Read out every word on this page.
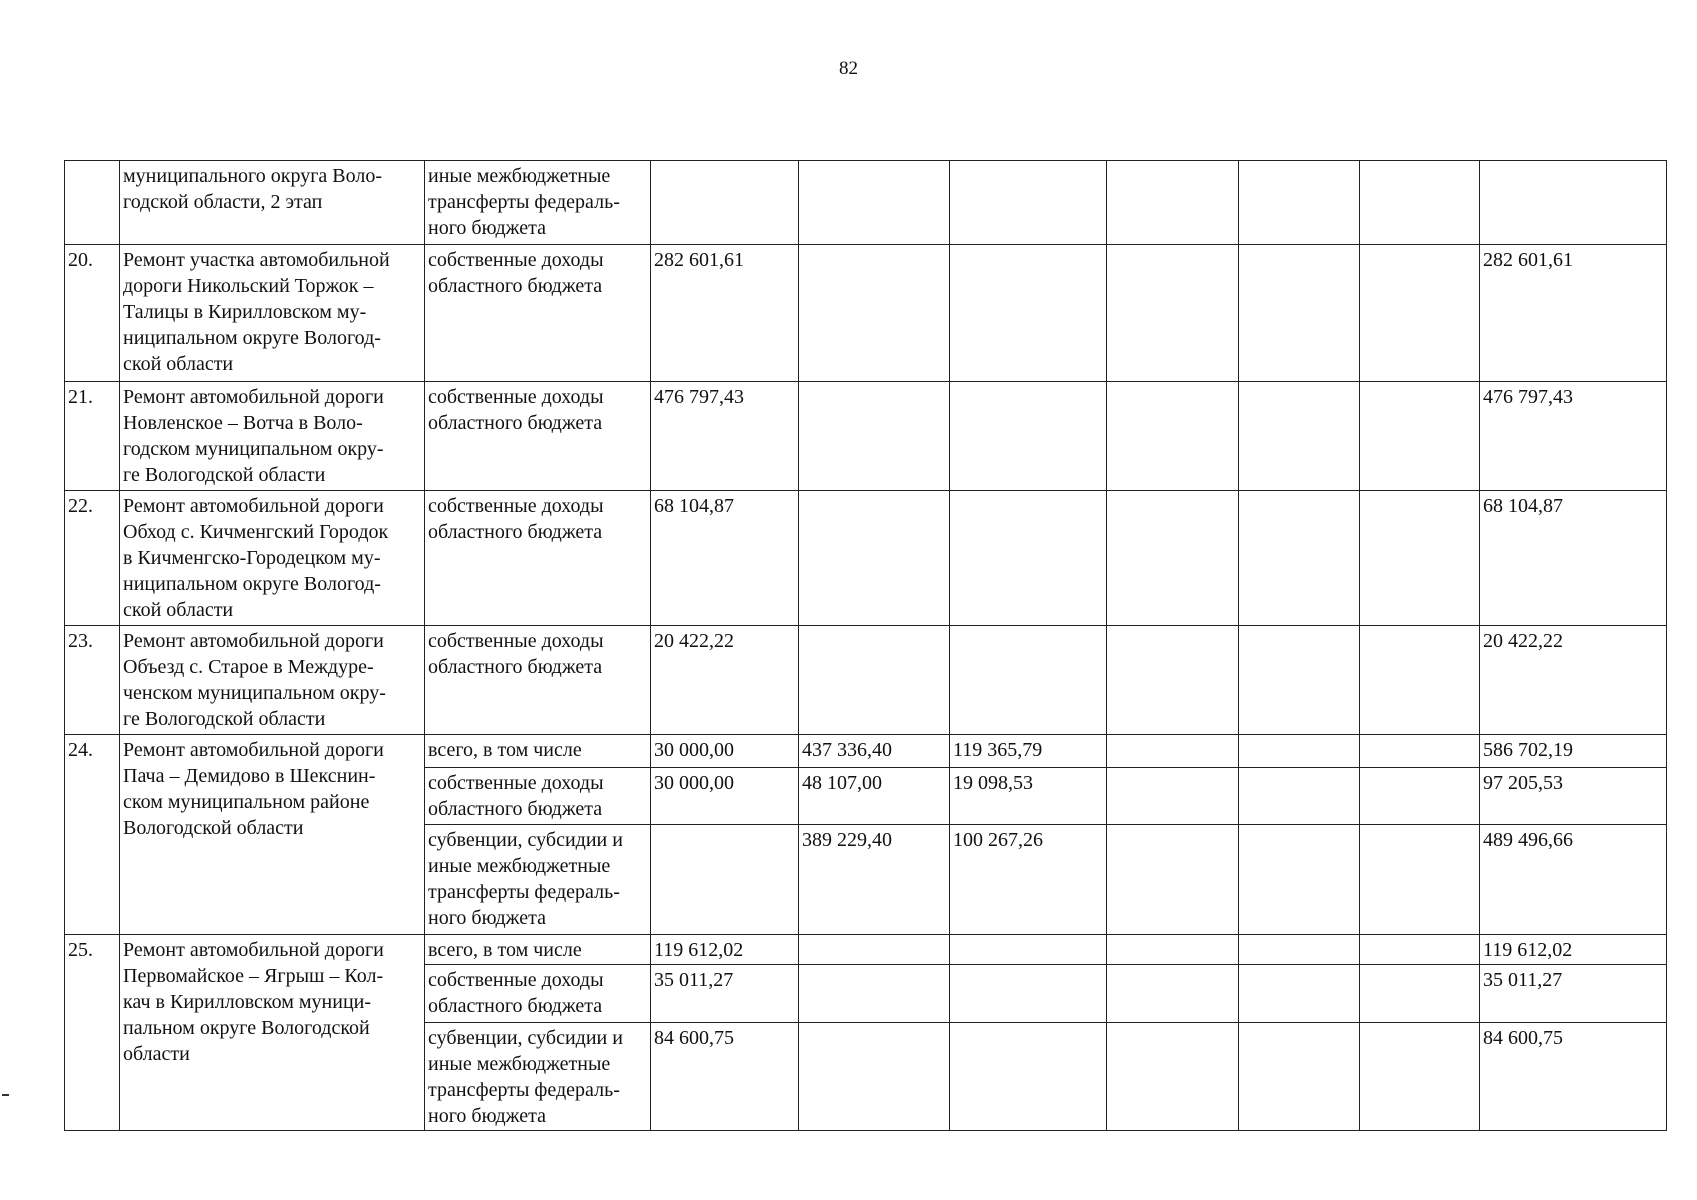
82
	муниципального округа Воло-
годской области, 2 этап	иные межбюджетные
трансферты федераль-
ного бюджета							
20.	Ремонт участка автомобильной
дороги Никольский Торжок –
Талицы в Кирилловском му-
ниципальном округе Вологод-
ской области	собственные доходы
областного бюджета	282 601,61						282 601,61
21.	Ремонт автомобильной дороги
Новленское – Вотча в Воло-
годском муниципальном окру-
ге Вологодской области	собственные доходы
областного бюджета	476 797,43						476 797,43
22.	Ремонт автомобильной дороги
Обход с. Кичменгский Городок
в Кичменгско-Городецком му-
ниципальном округе Вологод-
ской области	собственные доходы
областного бюджета	68 104,87						68 104,87
23.	Ремонт автомобильной дороги
Объезд с. Старое в Междуре-
ченском муниципальном окру-
ге Вологодской области	собственные доходы
областного бюджета	20 422,22						20 422,22
24.	Ремонт автомобильной дороги
Пача – Демидово в Шекснин-
ском муниципальном районе
Вологодской области	всего, в том числе	30 000,00	437 336,40	119 365,79				586 702,19
		собственные доходы
областного бюджета	30 000,00	48 107,00	19 098,53				97 205,53
		субвенции, субсидии и
иные межбюджетные
трансферты федераль-
ного бюджета		389 229,40	100 267,26				489 496,66
25.	Ремонт автомобильной дороги
Первомайское – Ягрыш – Кол-
кач в Кирилловском муници-
пальном округе Вологодской
области	всего, в том числе	119 612,02						119 612,02
		собственные доходы
областного бюджета	35 011,27						35 011,27
		субвенции, субсидии и
иные межбюджетные
трансферты федераль-
ного бюджета	84 600,75						84 600,75
